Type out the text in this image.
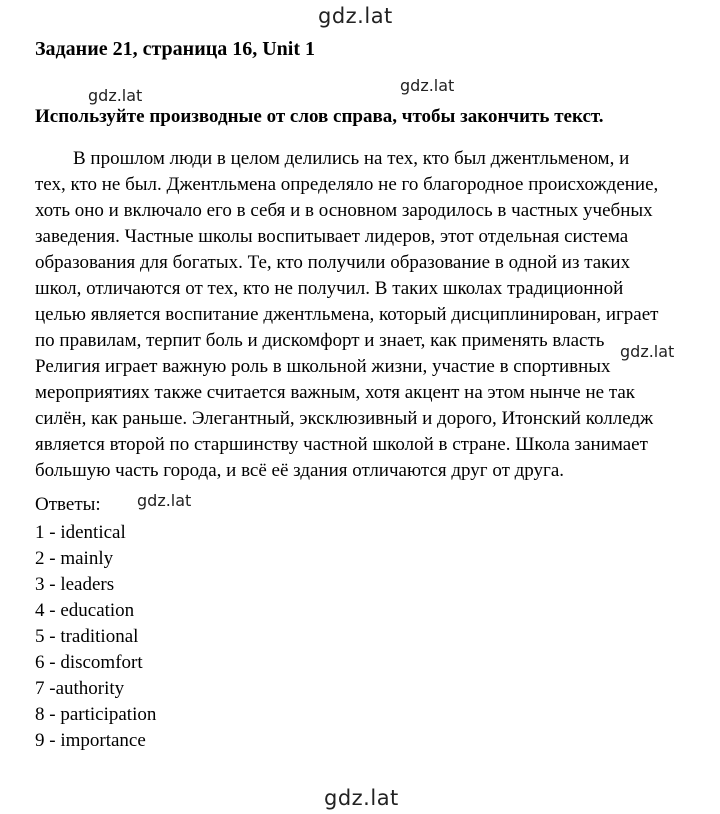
gdz.lat
gdz.lat
gdz.lat
gdz.lat
gdz.lat
gdz.lat
Задание 21, страница 16, Unit 1
Используйте производные от слов справа, чтобы закончить текст.
В прошлом люди в целом делились на тех, кто был джентльменом, и
тех, кто не был. Джентльмена определяло не го благородное происхождение,
хоть оно и включало его в себя и в основном зародилось в частных учебных
заведения. Частные школы воспитывает лидеров, этот отдельная система
образования для богатых. Те, кто получили образование в одной из таких
школ, отличаются от тех, кто не получил. В таких школах традиционной
целью является воспитание джентльмена, который дисциплинирован, играет
по правилам, терпит боль и дискомфорт и знает, как применять власть
Религия играет важную роль в школьной жизни, участие в спортивных
мероприятиях также считается важным, хотя акцент на этом нынче не так
силён, как раньше. Элегантный, эксклюзивный и дорого, Итонский колледж
является второй по старшинству частной школой в стране. Школа занимает
большую часть города, и всё её здания отличаются друг от друга.
Ответы:
1 - identical
2 - mainly
3 - leaders
4 - education
5 - traditional
6 - discomfort
7 -authority
8 - participation
9 - importance
